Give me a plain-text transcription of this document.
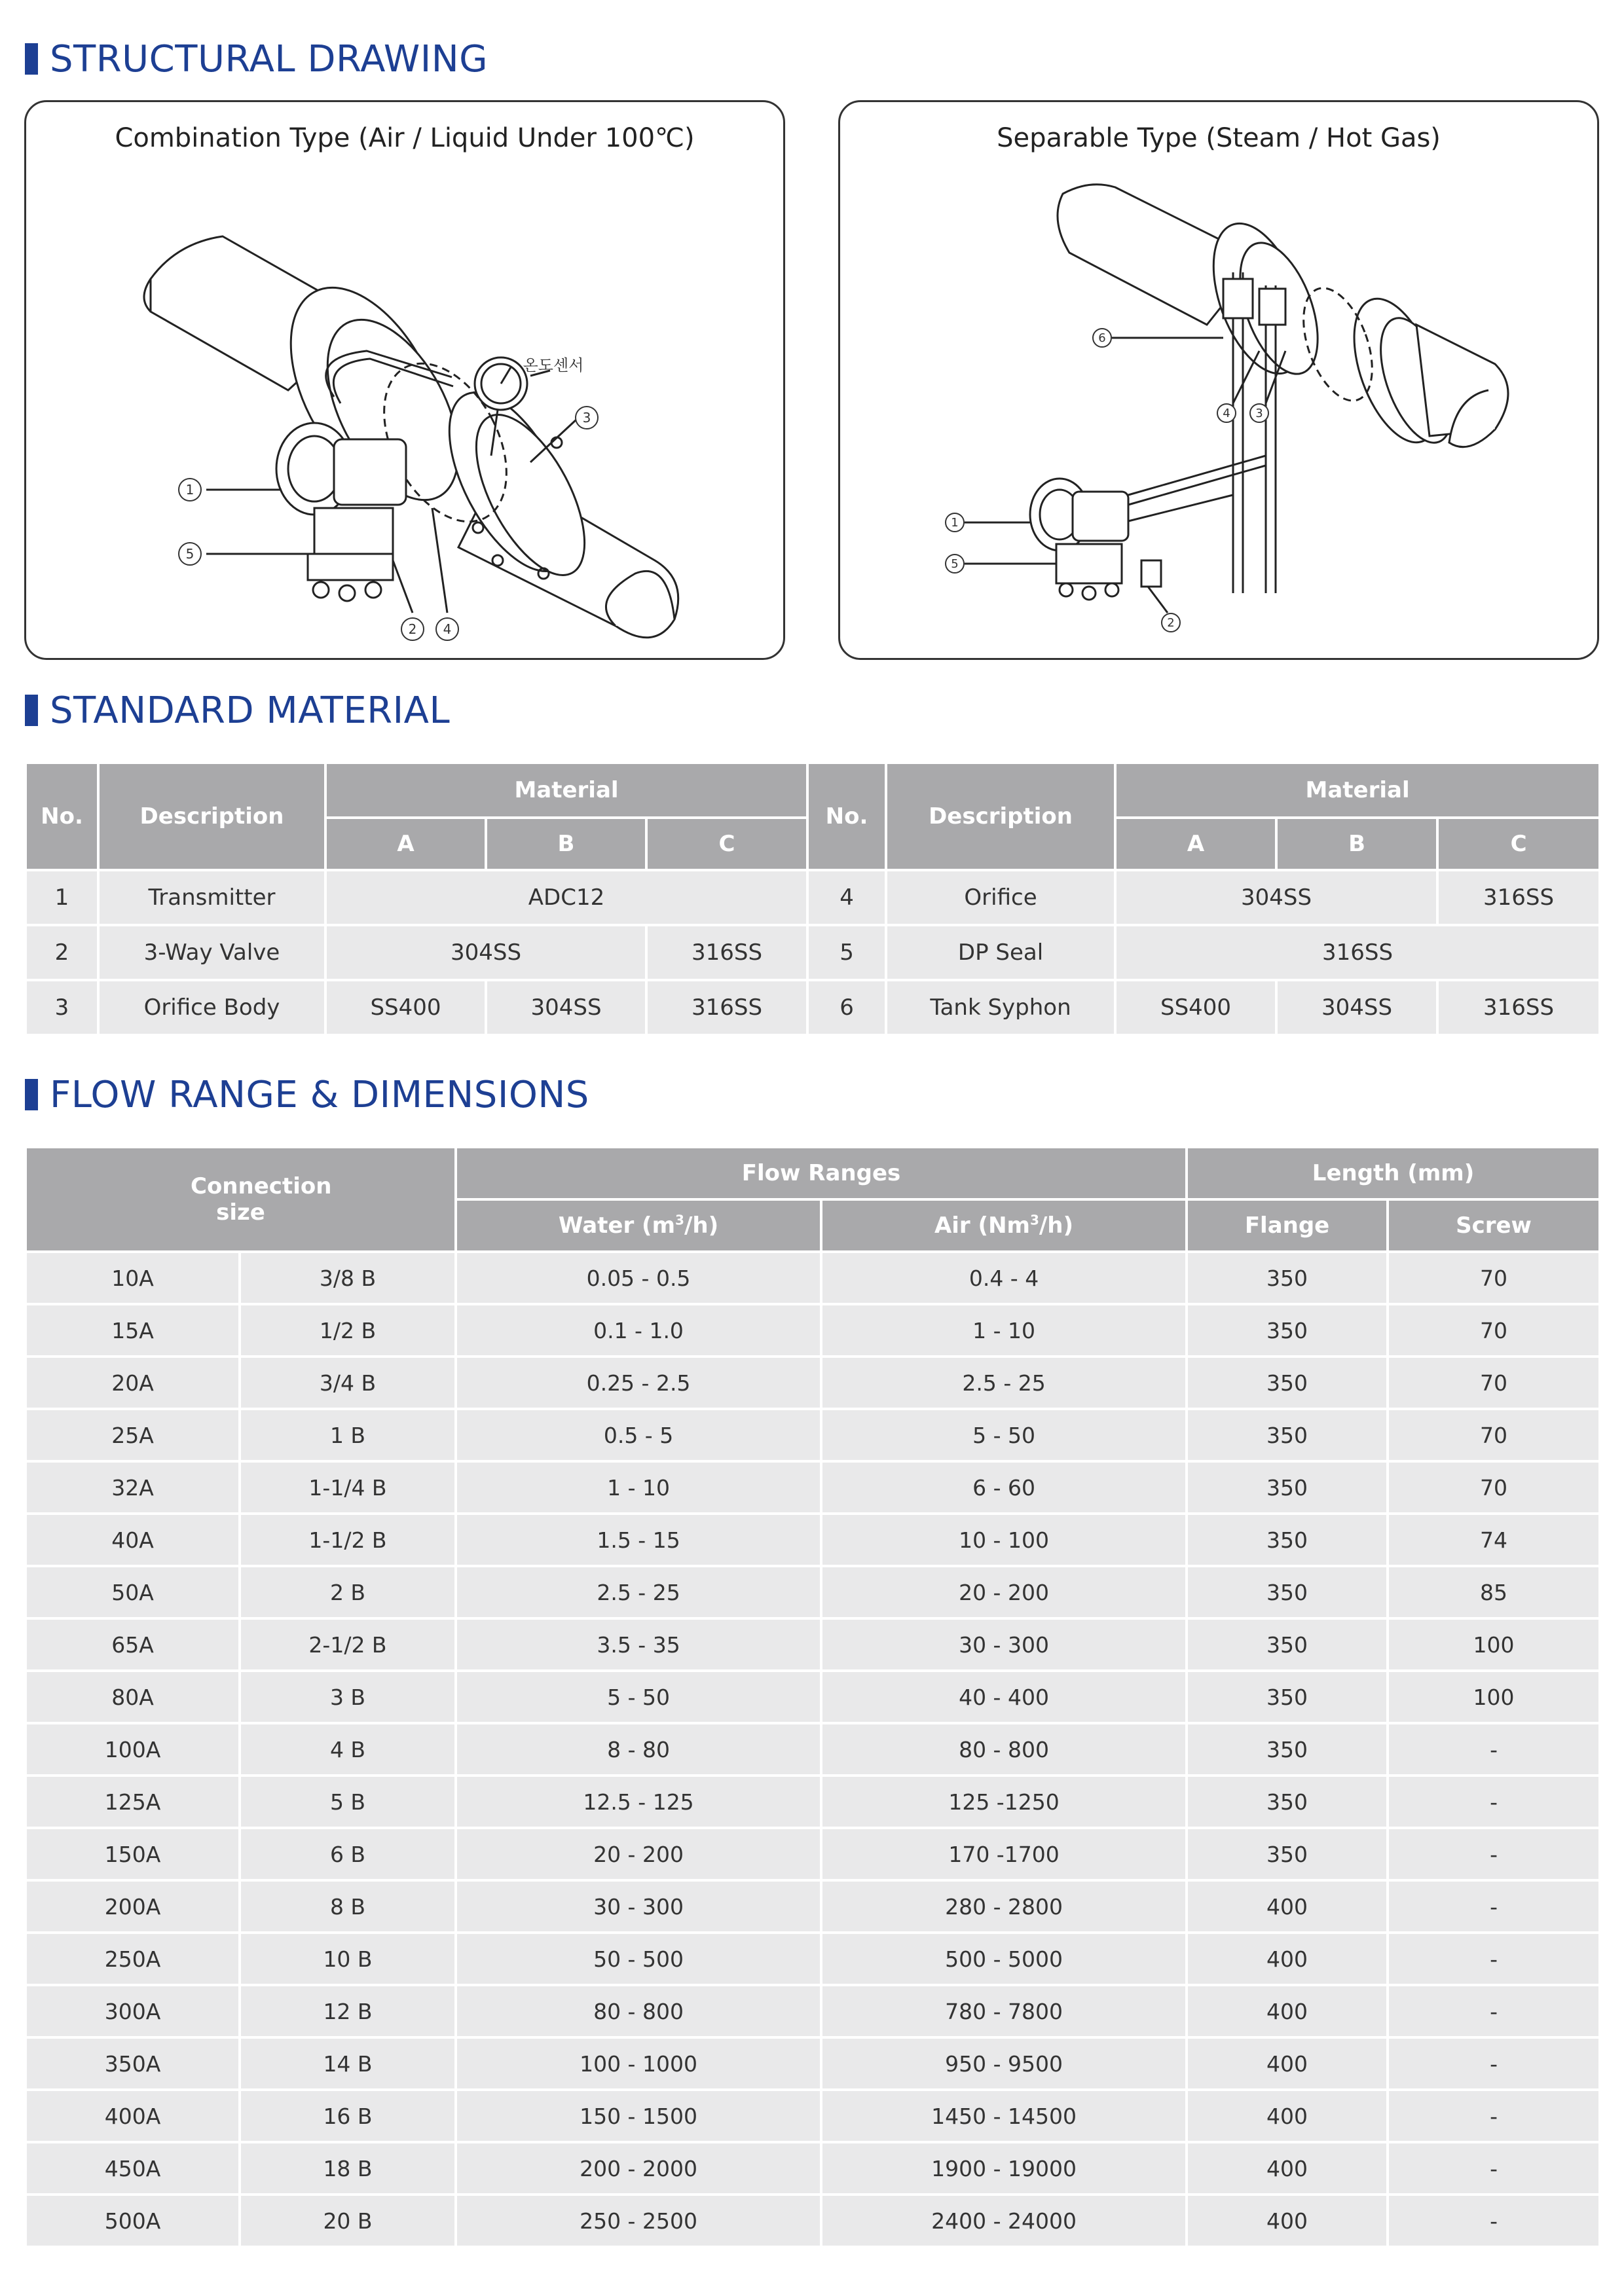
STRUCTURAL DRAWING
Combination Type (Air / Liquid Under 100℃)
1
5
2 4
3
온도센서
Separable Type (Steam / Hot Gas)
6
4 3
1
5
2
STANDARD MATERIAL
No.	Description	Material			No.	Description	Material		
		A	B	C			A	B	C
1	Transmitter	ADC12			4	Orifice	304SS		316SS
2	3-Way Valve	304SS		316SS	5	DP Seal	316SS		
3	Orifice Body	SS400	304SS	316SS	6	Tank Syphon	SS400	304SS	316SS
FLOW RANGE & DIMENSIONS
Connection size		Flow Ranges		Length (mm)	
		Water $(m^3/h)$	Air (Nm$^3$/h)	Flange	Screw
10A	3/8 B	0.05 - 0.5	0.4 - 4	350	70
15A	1/2 B	0.1 - 1.0	1 - 10	350	70
20A	3/4 B	0.25 - 2.5	2.5 - 25	350	70
25A	1 B	0.5 - 5	5 - 50	350	70
32A	1-1/4 B	1 - 10	6 - 60	350	70
40A	1-1/2 B	1.5 - 15	10 - 100	350	74
50A	2 B	2.5 - 25	20 - 200	350	85
65A	2-1/2 B	3.5 - 35	30 - 300	350	100
80A	3 B	5 - 50	40 - 400	350	100
100A	4 B	8 - 80	80 - 800	350	-
125A	5 B	12.5 - 125	125 -1250	350	-
150A	6 B	20 - 200	170 -1700	350	-
200A	8 B	30 - 300	280 - 2800	400	-
250A	10 B	50 - 500	500 - 5000	400	-
300A	12 B	80 - 800	780 - 7800	400	-
350A	14 B	100 - 1000	950 - 9500	400	-
400A	16 B	150 - 1500	1450 - 14500	400	-
450A	18 B	200 - 2000	1900 - 19000	400	-
500A	20 B	250 - 2500	2400 - 24000	400	-
